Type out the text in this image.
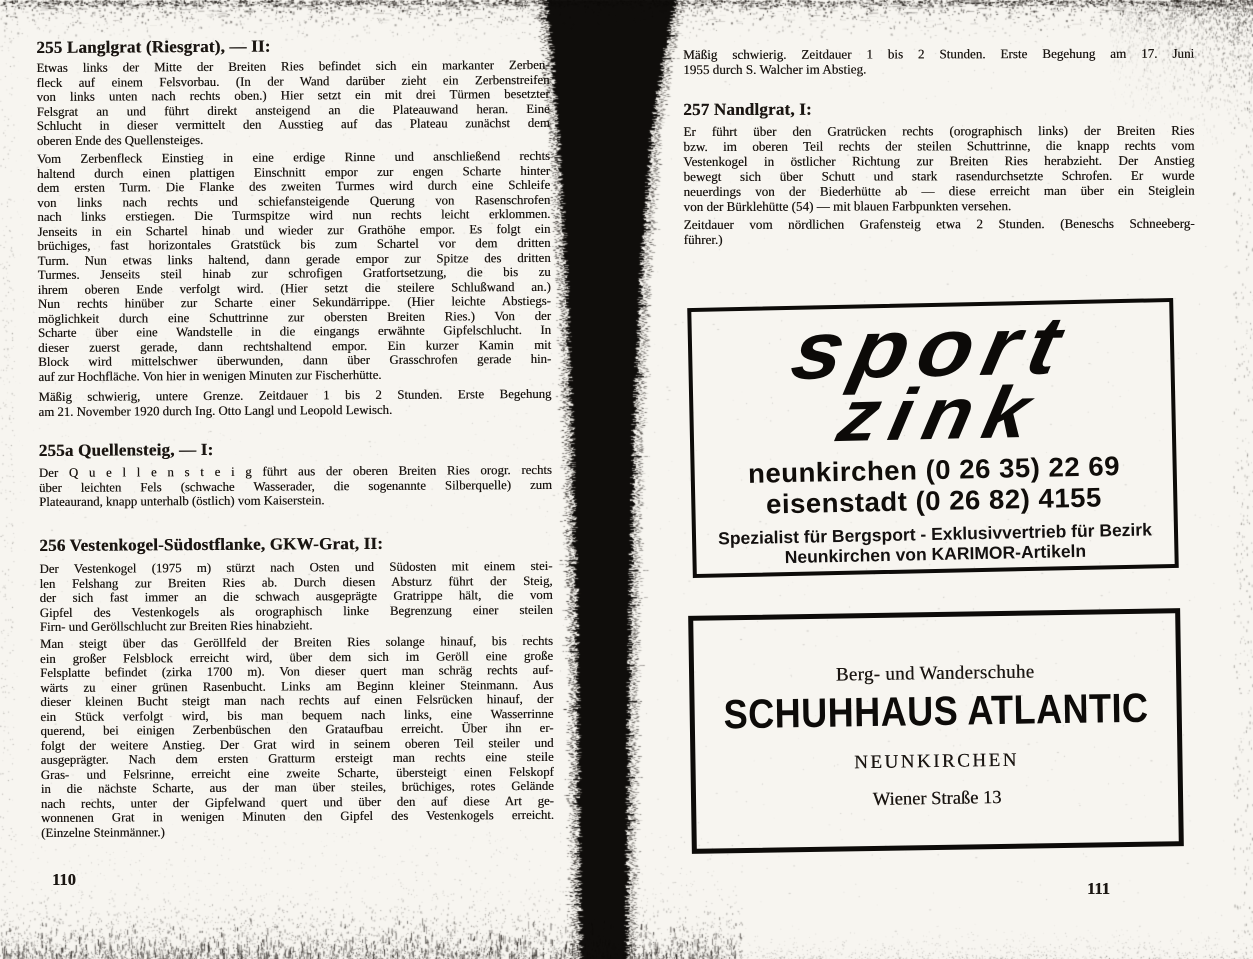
255 Langlgrat (Riesgrat), — II:
Etwas links der Mitte der Breiten Ries befindet sich ein markanter Zerben-
fleck auf einem Felsvorbau. (In der Wand darüber zieht ein Zerbenstreifen
von links unten nach rechts oben.) Hier setzt ein mit drei Türmen besetzter
Felsgrat an und führt direkt ansteigend an die Plateauwand heran. Eine
Schlucht in dieser vermittelt den Ausstieg auf das Plateau zunächst dem
oberen Ende des Quellensteiges.
Vom Zerbenfleck Einstieg in eine erdige Rinne und anschließend rechts
haltend durch einen plattigen Einschnitt empor zur engen Scharte hinter
dem ersten Turm. Die Flanke des zweiten Turmes wird durch eine Schleife
von links nach rechts und schiefansteigende Querung von Rasenschrofen
nach links erstiegen. Die Turmspitze wird nun rechts leicht erklommen.
Jenseits in ein Schartel hinab und wieder zur Grathöhe empor. Es folgt ein
brüchiges, fast horizontales Gratstück bis zum Schartel vor dem dritten
Turm. Nun etwas links haltend, dann gerade empor zur Spitze des dritten
Turmes. Jenseits steil hinab zur schrofigen Gratfortsetzung, die bis zu
ihrem oberen Ende verfolgt wird. (Hier setzt die steilere Schlußwand an.)
Nun rechts hinüber zur Scharte einer Sekundärrippe. (Hier leichte Abstiegs-
möglichkeit durch eine Schuttrinne zur obersten Breiten Ries.) Von der
Scharte über eine Wandstelle in die eingangs erwähnte Gipfelschlucht. In
dieser zuerst gerade, dann rechtshaltend empor. Ein kurzer Kamin mit
Block wird mittelschwer überwunden, dann über Grasschrofen gerade hin-
auf zur Hochfläche. Von hier in wenigen Minuten zur Fischerhütte.
Mäßig schwierig, untere Grenze. Zeitdauer 1 bis 2 Stunden. Erste Begehung
am 21. November 1920 durch Ing. Otto Langl und Leopold Lewisch.
255a Quellensteig, — I:
Der Q u e l l e n s t e i g führt aus der oberen Breiten Ries orogr. rechts
über leichten Fels (schwache Wasserader, die sogenannte Silberquelle) zum
Plateaurand, knapp unterhalb (östlich) vom Kaiserstein.
256 Vestenkogel-Südostflanke, GKW-Grat, II:
Der Vestenkogel (1975 m) stürzt nach Osten und Südosten mit einem stei-
len Felshang zur Breiten Ries ab. Durch diesen Absturz führt der Steig,
der sich fast immer an die schwach ausgeprägte Gratrippe hält, die vom
Gipfel des Vestenkogels als orographisch linke Begrenzung einer steilen
Firn- und Geröllschlucht zur Breiten Ries hinabzieht.
Man steigt über das Geröllfeld der Breiten Ries solange hinauf, bis rechts
ein großer Felsblock erreicht wird, über dem sich im Geröll eine große
Felsplatte befindet (zirka 1700 m). Von dieser quert man schräg rechts auf-
wärts zu einer grünen Rasenbucht. Links am Beginn kleiner Steinmann. Aus
dieser kleinen Bucht steigt man nach rechts auf einen Felsrücken hinauf, der
ein Stück verfolgt wird, bis man bequem nach links, eine Wasserrinne
querend, bei einigen Zerbenbüschen den Grataufbau erreicht. Über ihn er-
folgt der weitere Anstieg. Der Grat wird in seinem oberen Teil steiler und
ausgeprägter. Nach dem ersten Gratturm ersteigt man rechts eine steile
Gras- und Felsrinne, erreicht eine zweite Scharte, übersteigt einen Felskopf
in die nächste Scharte, aus der man über steiles, brüchiges, rotes Gelände
nach rechts, unter der Gipfelwand quert und über den auf diese Art ge-
wonnenen Grat in wenigen Minuten den Gipfel des Vestenkogels erreicht.
(Einzelne Steinmänner.)
110
Mäßig schwierig. Zeitdauer 1 bis 2 Stunden. Erste Begehung am 17. Juni
1955 durch S. Walcher im Abstieg.
257 Nandlgrat, I:
Er führt über den Gratrücken rechts (orographisch links) der Breiten Ries
bzw. im oberen Teil rechts der steilen Schuttrinne, die knapp rechts vom
Vestenkogel in östlicher Richtung zur Breiten Ries herabzieht. Der Anstieg
bewegt sich über Schutt und stark rasendurchsetzte Schrofen. Er wurde
neuerdings von der Biederhütte ab — diese erreicht man über ein Steiglein
von der Bürklehütte (54) — mit blauen Farbpunkten versehen.
Zeitdauer vom nördlichen Grafensteig etwa 2 Stunden. (Beneschs Schneeberg-
führer.)
sport
zink
neunkirchen (0 26 35) 22 69
eisenstadt (0 26 82) 4155
Spezialist für Bergsport - Exklusivvertrieb für Bezirk
Neunkirchen von KARIMOR-Artikeln
Berg- und Wanderschuhe
SCHUHHAUS ATLANTIC
NEUNKIRCHEN
Wiener Straße 13
111
